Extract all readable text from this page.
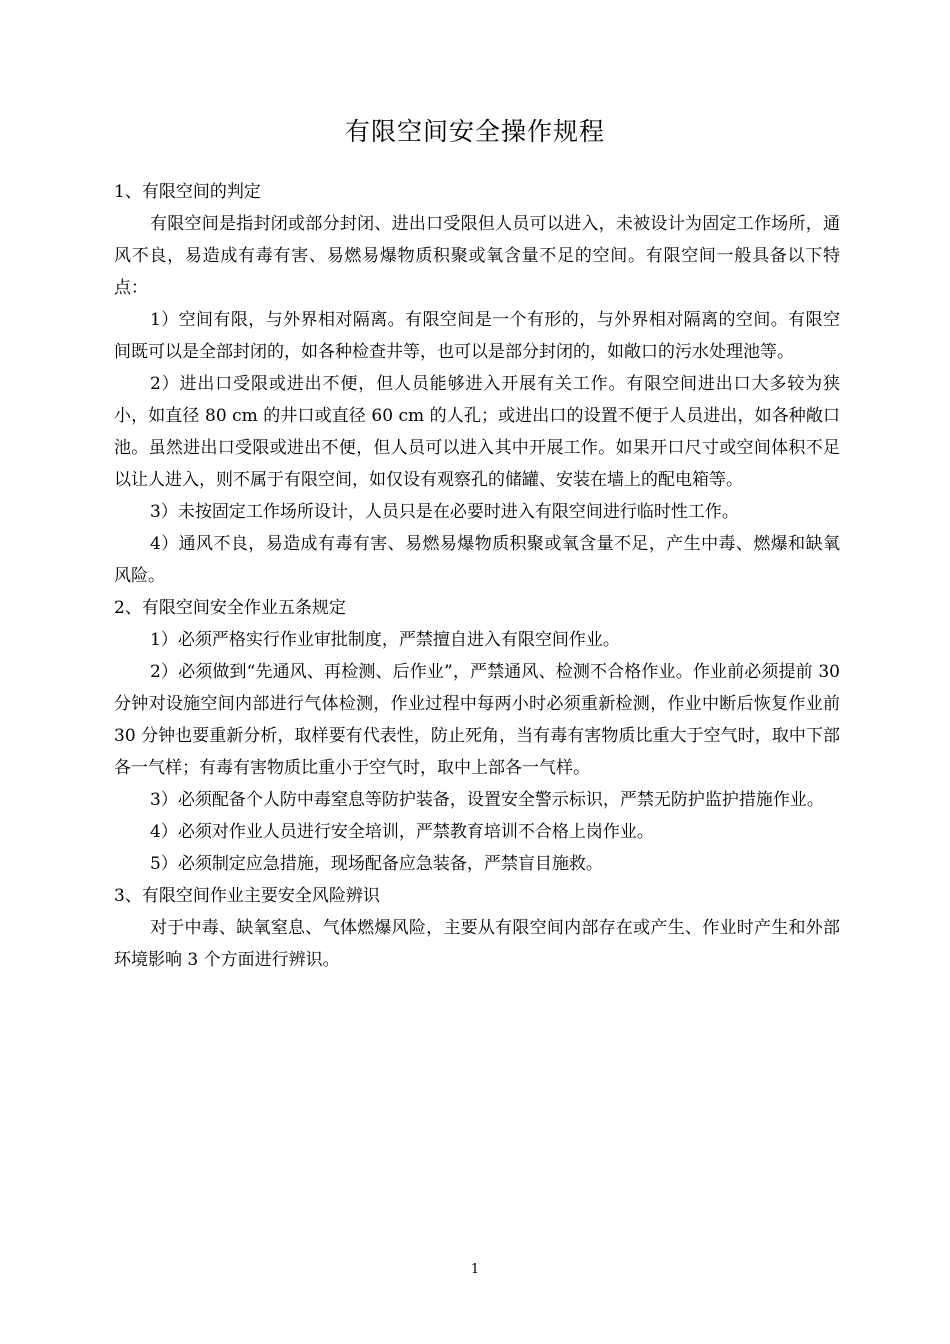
有限空间安全操作规程

1、有限空间的判定

有限空间是指封闭或部分封闭、进出口受限但人员可以进入，未被设计为固定工作场所，通风不良，易造成有毒有害、易燃易爆物质积聚或氧含量不足的空间。有限空间一般具备以下特点：

1）空间有限，与外界相对隔离。有限空间是一个有形的，与外界相对隔离的空间。有限空间既可以是全部封闭的，如各种检查井等，也可以是部分封闭的，如敞口的污水处理池等。

2）进出口受限或进出不便，但人员能够进入开展有关工作。有限空间进出口大多较为狭小，如直径 80 cm 的井口或直径 60 cm 的人孔；或进出口的设置不便于人员进出，如各种敞口池。虽然进出口受限或进出不便，但人员可以进入其中开展工作。如果开口尺寸或空间体积不足以让人进入，则不属于有限空间，如仅设有观察孔的储罐、安装在墙上的配电箱等。

3）未按固定工作场所设计，人员只是在必要时进入有限空间进行临时性工作。

4）通风不良，易造成有毒有害、易燃易爆物质积聚或氧含量不足，产生中毒、燃爆和缺氧风险。

2、有限空间安全作业五条规定

1）必须严格实行作业审批制度，严禁擅自进入有限空间作业。

2）必须做到“先通风、再检测、后作业”，严禁通风、检测不合格作业。作业前必须提前 30 分钟对设施空间内部进行气体检测，作业过程中每两小时必须重新检测，作业中断后恢复作业前 30 分钟也要重新分析，取样要有代表性，防止死角，当有毒有害物质比重大于空气时，取中下部各一气样；有毒有害物质比重小于空气时，取中上部各一气样。

3）必须配备个人防中毒窒息等防护装备，设置安全警示标识，严禁无防护监护措施作业。

4）必须对作业人员进行安全培训，严禁教育培训不合格上岗作业。

5）必须制定应急措施，现场配备应急装备，严禁盲目施救。

3、有限空间作业主要安全风险辨识

对于中毒、缺氧窒息、气体燃爆风险，主要从有限空间内部存在或产生、作业时产生和外部环境影响 3 个方面进行辨识。

1
